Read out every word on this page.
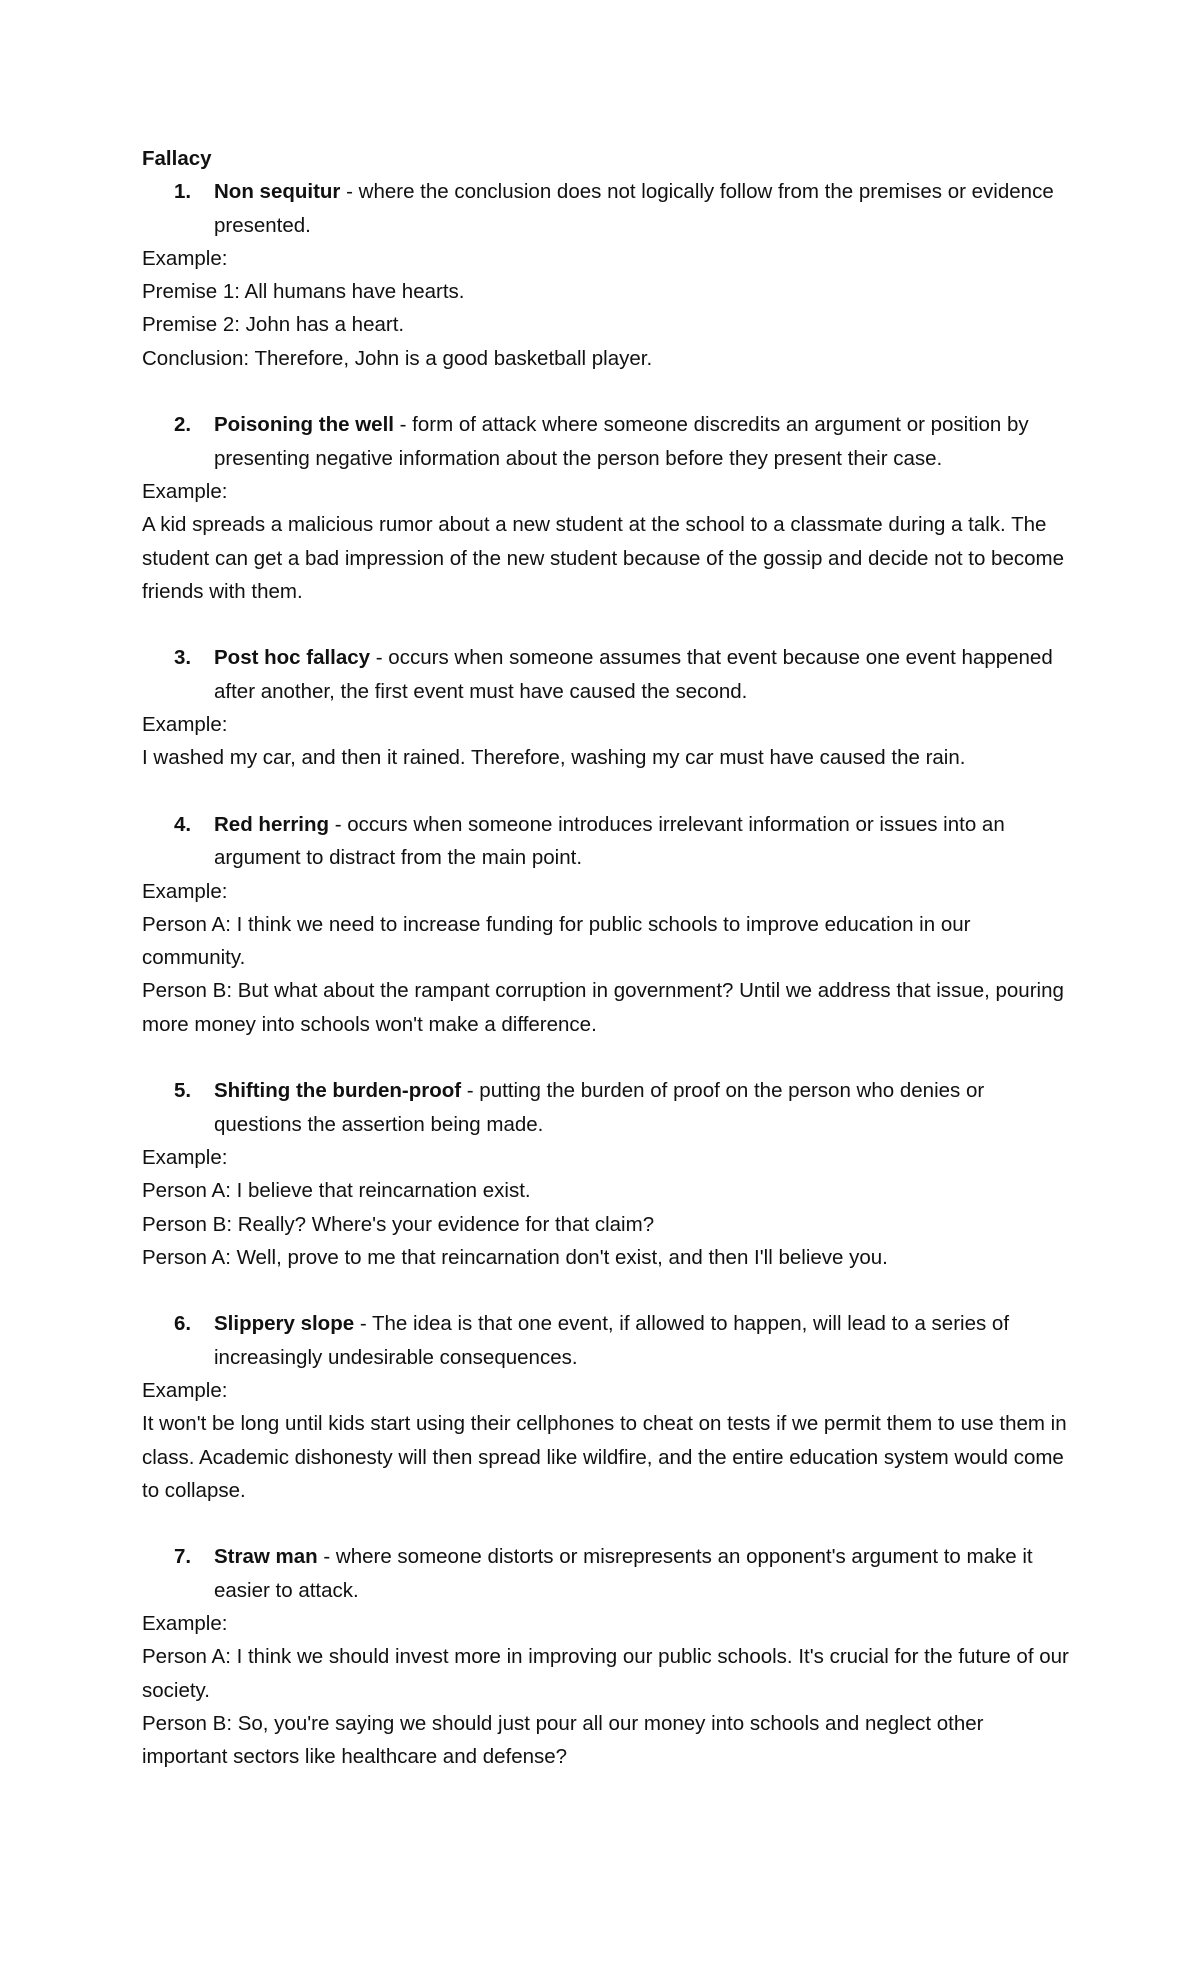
Fallacy
1.	Non sequitur - where the conclusion does not logically follow from the premises or evidence presented.
Example:
Premise 1: All humans have hearts.
Premise 2: John has a heart.
Conclusion: Therefore, John is a good basketball player.
2.	Poisoning the well - form of attack where someone discredits an argument or position by presenting negative information about the person before they present their case.
Example:
A kid spreads a malicious rumor about a new student at the school to a classmate during a talk. The student can get a bad impression of the new student because of the gossip and decide not to become friends with them.
3.	Post hoc fallacy - occurs when someone assumes that event because one event happened after another, the first event must have caused the second.
Example:
I washed my car, and then it rained. Therefore, washing my car must have caused the rain.
4.	Red herring - occurs when someone introduces irrelevant information or issues into an argument to distract from the main point.
Example:
Person A: I think we need to increase funding for public schools to improve education in our community.
Person B: But what about the rampant corruption in government? Until we address that issue, pouring more money into schools won't make a difference.
5.	Shifting the burden-proof - putting the burden of proof on the person who denies or questions the assertion being made.
Example:
Person A: I believe that reincarnation exist.
Person B: Really? Where's your evidence for that claim?
Person A: Well, prove to me that reincarnation don't exist, and then I'll believe you.
6.	Slippery slope - The idea is that one event, if allowed to happen, will lead to a series of increasingly undesirable consequences.
Example:
It won't be long until kids start using their cellphones to cheat on tests if we permit them to use them in class. Academic dishonesty will then spread like wildfire, and the entire education system would come to collapse.
7.	Straw man - where someone distorts or misrepresents an opponent's argument to make it easier to attack.
Example:
Person A: I think we should invest more in improving our public schools. It's crucial for the future of our society.
Person B: So, you're saying we should just pour all our money into schools and neglect other important sectors like healthcare and defense?
